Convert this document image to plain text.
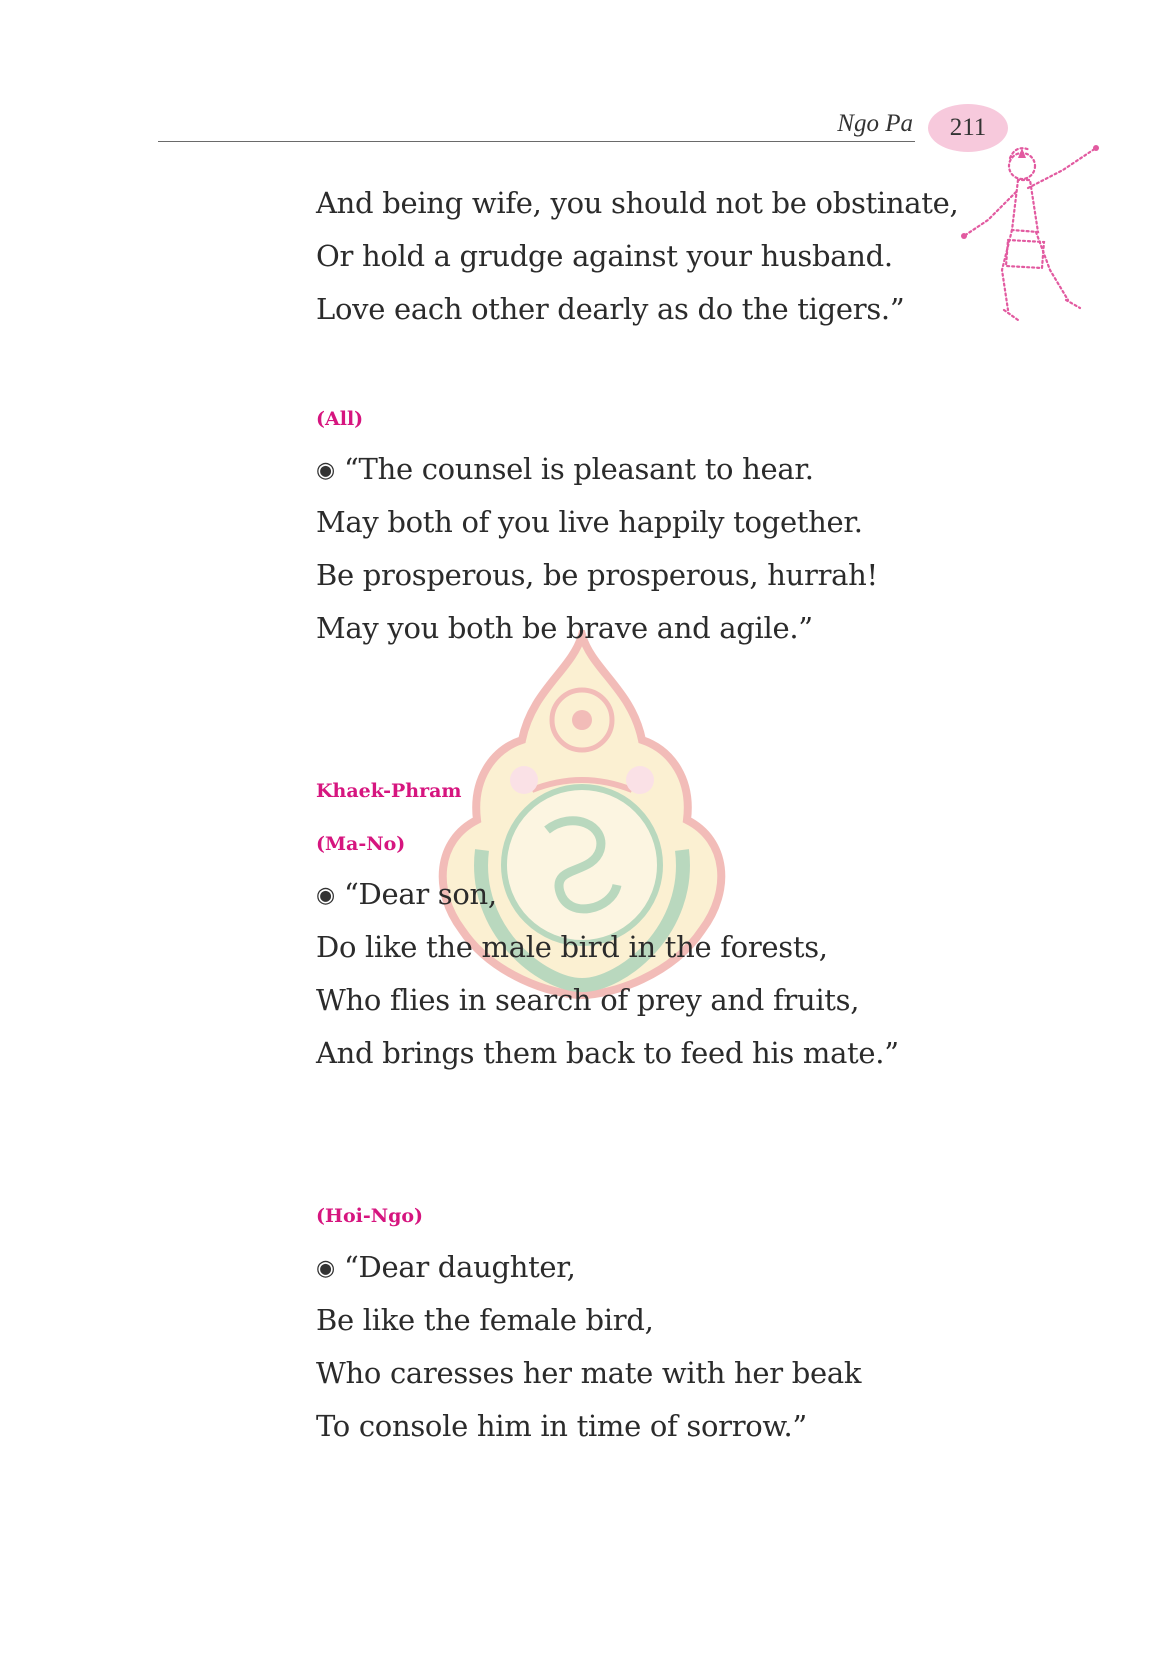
Ngo Pa 211
And being wife, you should not be obstinate,
Or hold a grudge against your husband.
Love each other dearly as do the tigers.”
(All)
◉ “The counsel is pleasant to hear.
May both of you live happily together.
Be prosperous, be prosperous, hurrah!
May you both be brave and agile.”
Khaek-Phram
(Ma-No)
◉ “Dear son,
Do like the male bird in the forests,
Who flies in search of prey and fruits,
And brings them back to feed his mate.”
(Hoi-Ngo)
◉ “Dear daughter,
Be like the female bird,
Who caresses her mate with her beak
To console him in time of sorrow.”
